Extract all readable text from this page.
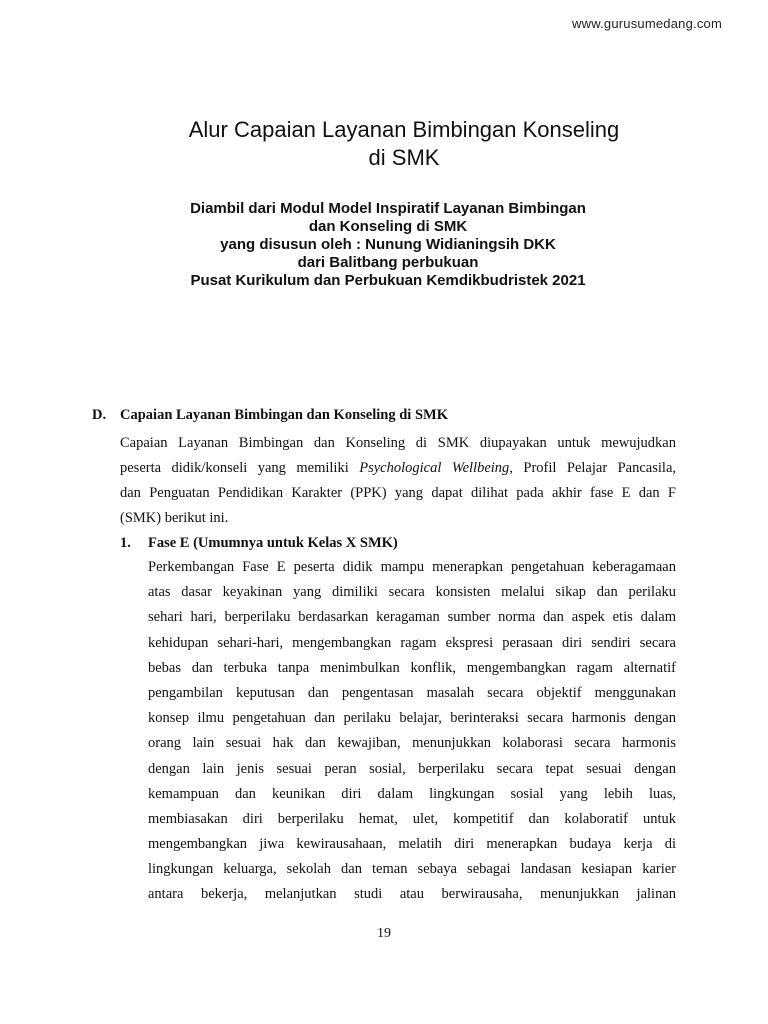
www.gurusumedang.com
Alur Capaian Layanan Bimbingan Konseling
di SMK
Diambil dari Modul Model Inspiratif Layanan Bimbingan
dan Konseling di SMK
yang disusun oleh : Nunung Widianingsih DKK
dari Balitbang perbukuan
Pusat Kurikulum dan Perbukuan Kemdikbudristek 2021
D. Capaian Layanan Bimbingan dan Konseling di SMK
Capaian Layanan Bimbingan dan Konseling di SMK diupayakan untuk mewujudkan
peserta didik/konseli yang memiliki Psychological Wellbeing, Profil Pelajar Pancasila,
dan Penguatan Pendidikan Karakter (PPK) yang dapat dilihat pada akhir fase E dan F
(SMK) berikut ini.
1. Fase E (Umumnya untuk Kelas X SMK)
Perkembangan Fase E peserta didik mampu menerapkan pengetahuan keberagamaan
atas dasar keyakinan yang dimiliki secara konsisten melalui sikap dan perilaku
sehari hari, berperilaku berdasarkan keragaman sumber norma dan aspek etis dalam
kehidupan sehari-hari, mengembangkan ragam ekspresi perasaan diri sendiri secara
bebas dan terbuka tanpa menimbulkan konflik, mengembangkan ragam alternatif
pengambilan keputusan dan pengentasan masalah secara objektif menggunakan
konsep ilmu pengetahuan dan perilaku belajar, berinteraksi secara harmonis dengan
orang lain sesuai hak dan kewajiban, menunjukkan kolaborasi secara harmonis
dengan lain jenis sesuai peran sosial, berperilaku secara tepat sesuai dengan
kemampuan dan keunikan diri dalam lingkungan sosial yang lebih luas,
membiasakan diri berperilaku hemat, ulet, kompetitif dan kolaboratif untuk
mengembangkan jiwa kewirausahaan, melatih diri menerapkan budaya kerja di
lingkungan keluarga, sekolah dan teman sebaya sebagai landasan kesiapan karier
antara bekerja, melanjutkan studi atau berwirausaha, menunjukkan jalinan
19
